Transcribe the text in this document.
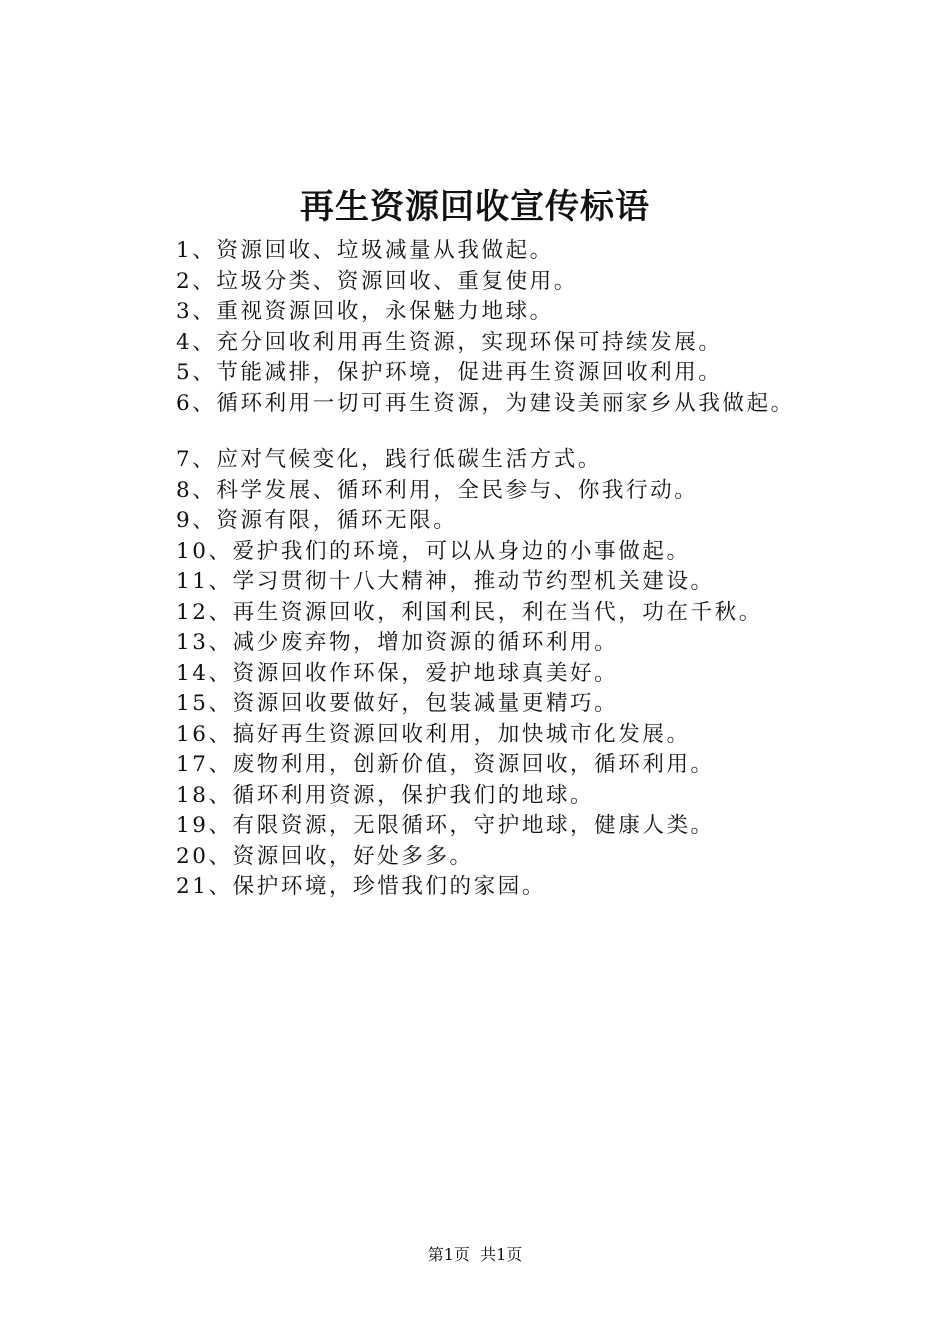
再生资源回收宣传标语
1、资源回收、垃圾减量从我做起。
2、垃圾分类、资源回收、重复使用。
3、重视资源回收，永保魅力地球。
4、充分回收利用再生资源，实现环保可持续发展。
5、节能减排，保护环境，促进再生资源回收利用。
6、循环利用一切可再生资源，为建设美丽家乡从我做起。
7、应对气候变化，践行低碳生活方式。
8、科学发展、循环利用，全民参与、你我行动。
9、资源有限，循环无限。
10、爱护我们的环境，可以从身边的小事做起。
11、学习贯彻十八大精神，推动节约型机关建设。
12、再生资源回收，利国利民，利在当代，功在千秋。
13、减少废弃物，增加资源的循环利用。
14、资源回收作环保，爱护地球真美好。
15、资源回收要做好，包装减量更精巧。
16、搞好再生资源回收利用，加快城市化发展。
17、废物利用，创新价值，资源回收，循环利用。
18、循环利用资源，保护我们的地球。
19、有限资源，无限循环，守护地球，健康人类。
20、资源回收，好处多多。
21、保护环境，珍惜我们的家园。
第1页  共1页
